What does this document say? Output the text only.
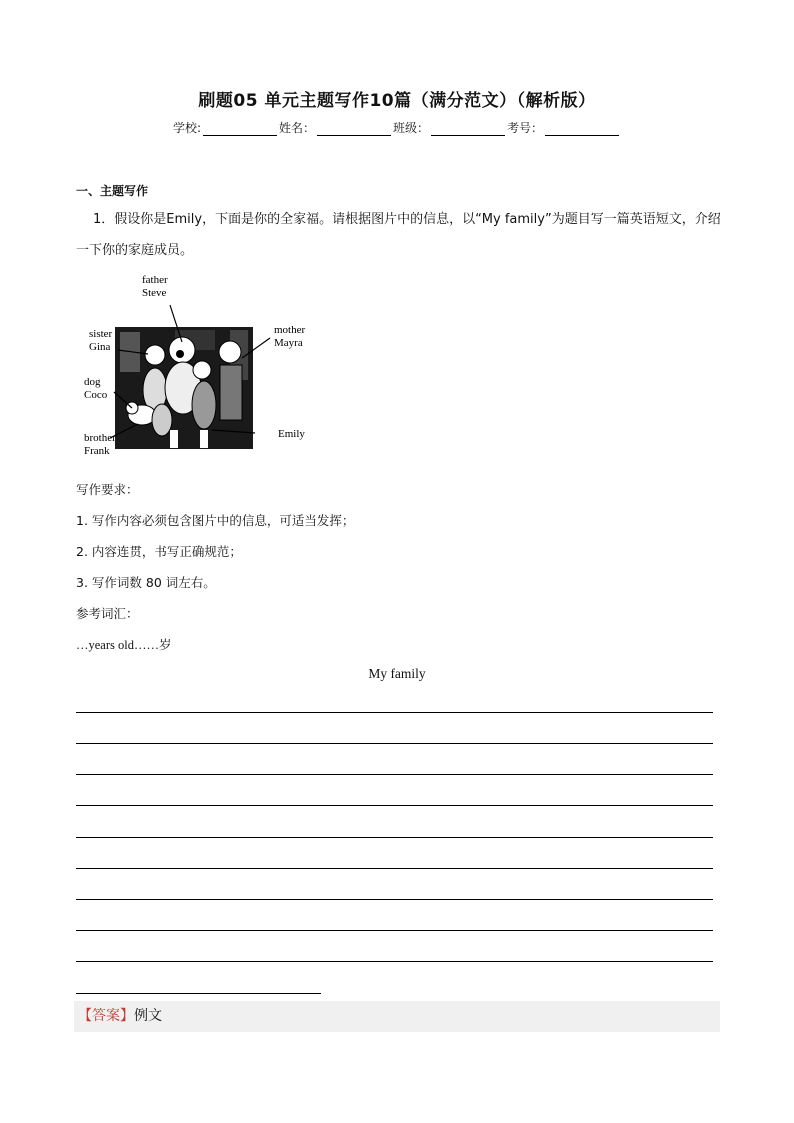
刷题05 单元主题写作10篇（满分范文）（解析版）
学校:	姓名：	班级：	考号：
一、主题写作
1．假设你是Emily，下面是你的全家福。请根据图片中的信息，以“My family”为题目写一篇英语短文，介绍一下你的家庭成员。
father
Steve
sister
Gina
mother
Mayra
dog
Coco
brother
Frank
Emily
写作要求：
1. 写作内容必须包含图片中的信息，可适当发挥；
2. 内容连贯，书写正确规范；
3. 写作词数 80 词左右。
参考词汇：
…years old……岁
My family
【答案】例文
